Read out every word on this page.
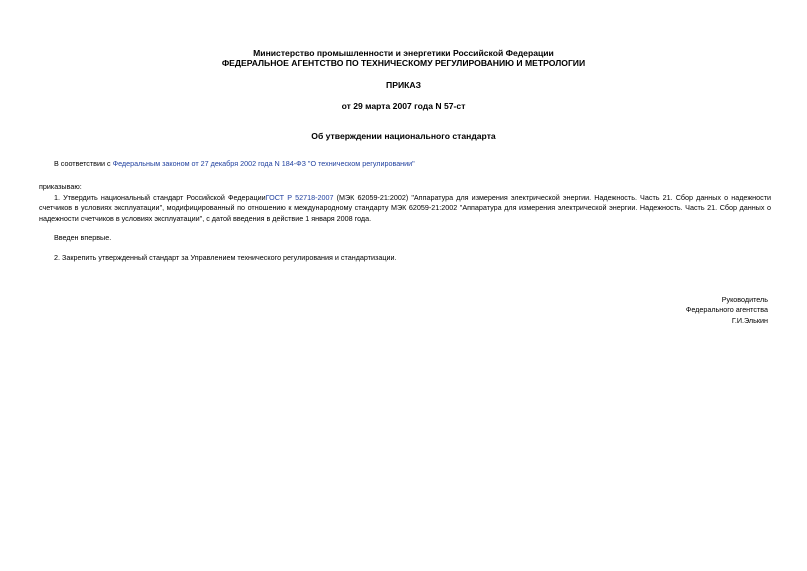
Министерство промышленности и энергетики Российской Федерации
ФЕДЕРАЛЬНОЕ АГЕНТСТВО ПО ТЕХНИЧЕСКОМУ РЕГУЛИРОВАНИЮ И МЕТРОЛОГИИ
ПРИКАЗ
от 29 марта 2007 года N 57-ст
Об утверждении национального стандарта
В соответствии с Федеральным законом от 27 декабря 2002 года N 184-ФЗ "О техническом регулировании"
приказываю:
1. Утвердить национальный стандарт Российской ФедерацииГОСТ Р 52718-2007 (МЭК 62059-21:2002) "Аппаратура для измерения электрической энергии. Надежность. Часть 21. Сбор данных о надежности счетчиков в условиях эксплуатации", модифицированный по отношению к международному стандарту МЭК 62059-21:2002 "Аппаратура для измерения электрической энергии. Надежность. Часть 21. Сбор данных о надежности счетчиков в условиях эксплуатации", с датой введения в действие 1 января 2008 года.
Введен впервые.
2. Закрепить утвержденный стандарт за Управлением технического регулирования и стандартизации.
Руководитель
Федерального агентства
Г.И.Элькин
